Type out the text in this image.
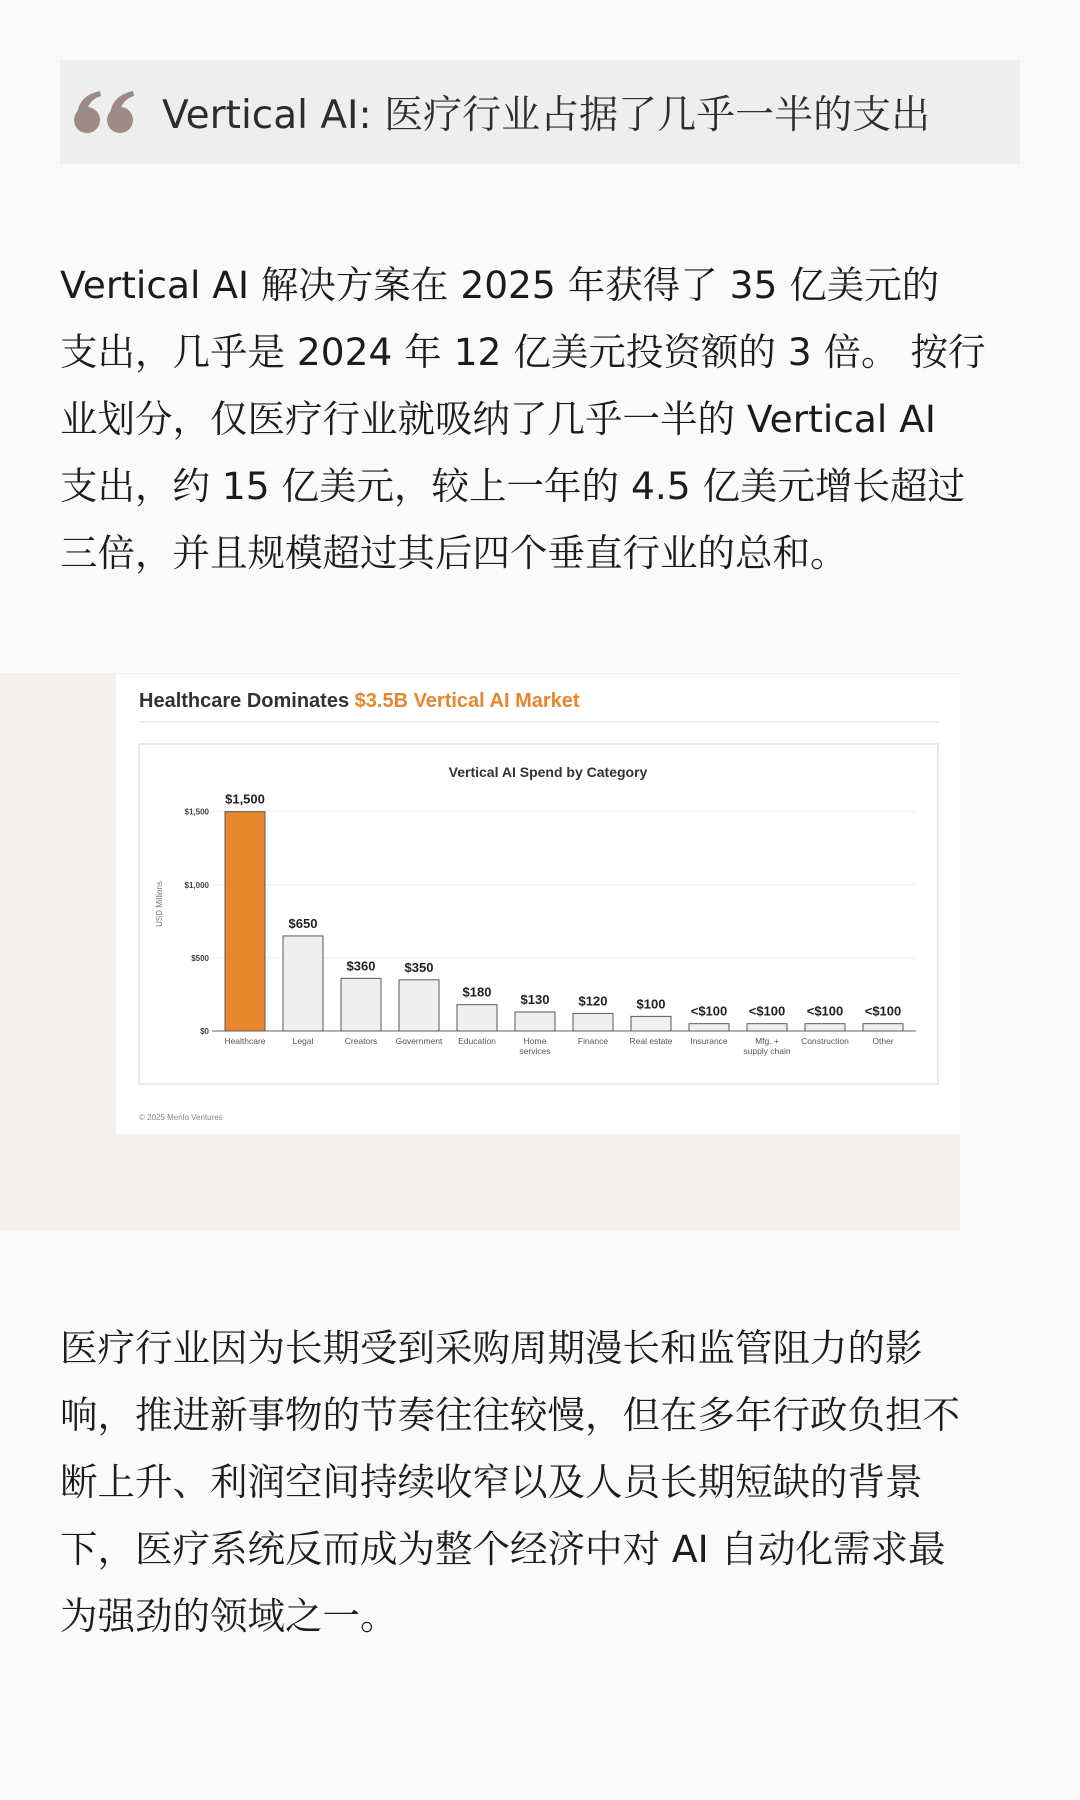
Vertical AI: 医疗行业占据了几乎一半的支出
Vertical AI 解决方案在 2025 年获得了 35 亿美元的
支出，几乎是 2024 年 12 亿美元投资额的 3 倍。 按行
业划分，仅医疗行业就吸纳了几乎一半的 Vertical AI
支出，约 15 亿美元，较上一年的 4.5 亿美元增长超过
三倍，并且规模超过其后四个垂直行业的总和。
Healthcare Dominates $3.5B Vertical AI Market
Vertical AI Spend by Category
USD Millions
$0
$500
$1,000
$1,500
$1,500
Healthcare
$650
Legal
$360
Creators
$350
Government
$180
Education
$130
Home
services
$120
Finance
$100
Real estate
<$100
Insurance
<$100
Mfg. +
supply chain
<$100
Construction
<$100
Other
© 2025 Menlo Ventures
医疗行业因为长期受到采购周期漫长和监管阻力的影
响，推进新事物的节奏往往较慢，但在多年行政负担不
断上升、利润空间持续收窄以及人员长期短缺的背景
下，医疗系统反而成为整个经济中对 AI 自动化需求最
为强劲的领域之一。
